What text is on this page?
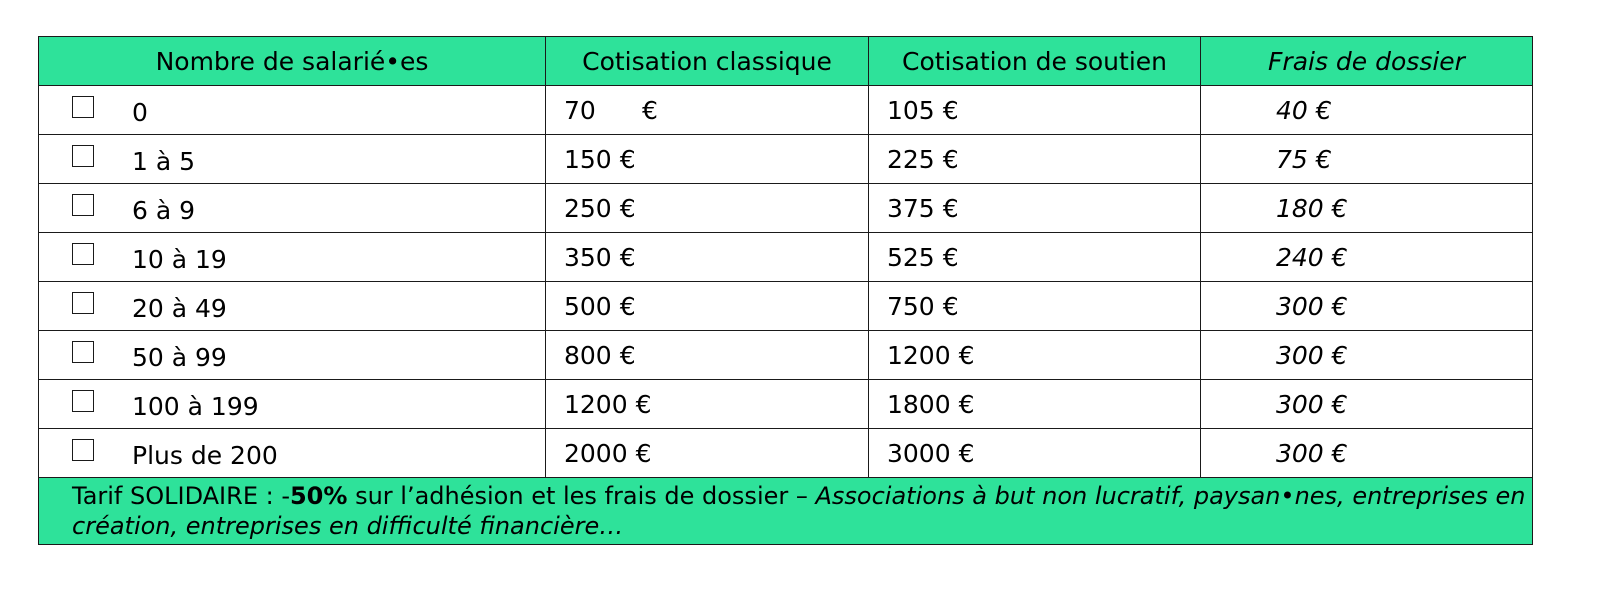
Nombre de salarié•es	Cotisation classique	Cotisation de soutien	Frais de dossier

0	70 €	105 €	40 €

1 à 5	150 €	225 €	75 €

6 à 9	250 €	375 €	180 €

10 à 19	350 €	525 €	240 €

20 à 49	500 €	750 €	300 €

50 à 99	800 €	1200 €	300 €

100 à 199	1200 €	1800 €	300 €

Plus de 200	2000 €	3000 €	300 €

Tarif SOLIDAIRE : -50% sur l’adhésion et les frais de dossier – Associations à but non lucratif, paysan•nes, entreprises en création, entreprises en difficulté financière…			
